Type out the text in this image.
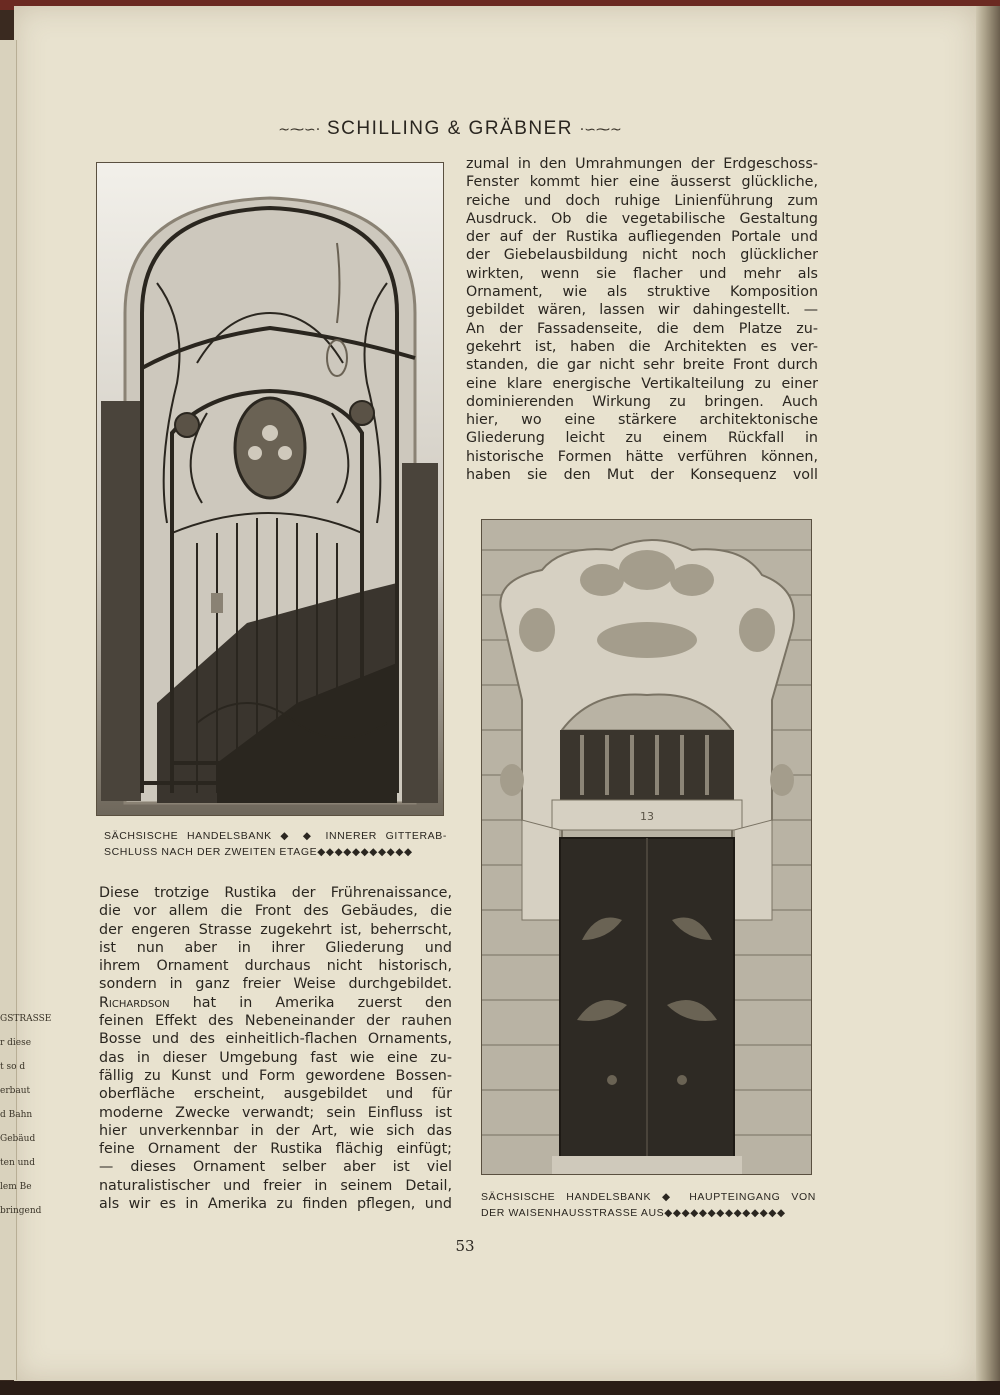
GSTRASSE
r diese
t so d
erbaut
d Bahn
Gebäud
ten und
lem Be
bringend
~⁓∽· SCHILLING & GRÄBNER ·∽⁓~
zumal in den Umrahmungen der Erdgeschoss-
Fenster kommt hier eine äusserst glückliche,
reiche und doch ruhige Linienführung zum
Ausdruck. Ob die vegetabilische Gestaltung
der auf der Rustika aufliegenden Portale und
der Giebelausbildung nicht noch glücklicher
wirkten, wenn sie flacher und mehr als
Ornament, wie als struktive Komposition
gebildet wären, lassen wir dahingestellt. —
An der Fassadenseite, die dem Platze zu-
gekehrt ist, haben die Architekten es ver-
standen, die gar nicht sehr breite Front durch
eine klare energische Vertikalteilung zu einer
dominierenden Wirkung zu bringen. Auch
hier, wo eine stärkere architektonische
Gliederung leicht zu einem Rückfall in
historische Formen hätte verführen können,
haben sie den Mut der Konsequenz voll
13
SÄCHSISCHE HANDELSBANK ◆ ◆ INNERER GITTERAB-
SCHLUSS NACH DER ZWEITEN ETAGE◆◆◆◆◆◆◆◆◆◆◆
Diese trotzige Rustika der Frührenaissance,
die vor allem die Front des Gebäudes, die
der engeren Strasse zugekehrt ist, beherrscht,
ist nun aber in ihrer Gliederung und
ihrem Ornament durchaus nicht historisch,
sondern in ganz freier Weise durchgebildet.
Richardson hat in Amerika zuerst den
feinen Effekt des Nebeneinander der rauhen
Bosse und des einheitlich-flachen Ornaments,
das in dieser Umgebung fast wie eine zu-
fällig zu Kunst und Form gewordene Bossen-
oberfläche erscheint, ausgebildet und für
moderne Zwecke verwandt; sein Einfluss ist
hier unverkennbar in der Art, wie sich das
feine Ornament der Rustika flächig einfügt;
— dieses Ornament selber aber ist viel
naturalistischer und freier in seinem Detail,
als wir es in Amerika zu finden pflegen, und	SÄCHSISCHE HANDELSBANK ◆ HAUPTEINGANG VON
DER WAISENHAUSSTRASSE AUS◆◆◆◆◆◆◆◆◆◆◆◆◆◆
53
